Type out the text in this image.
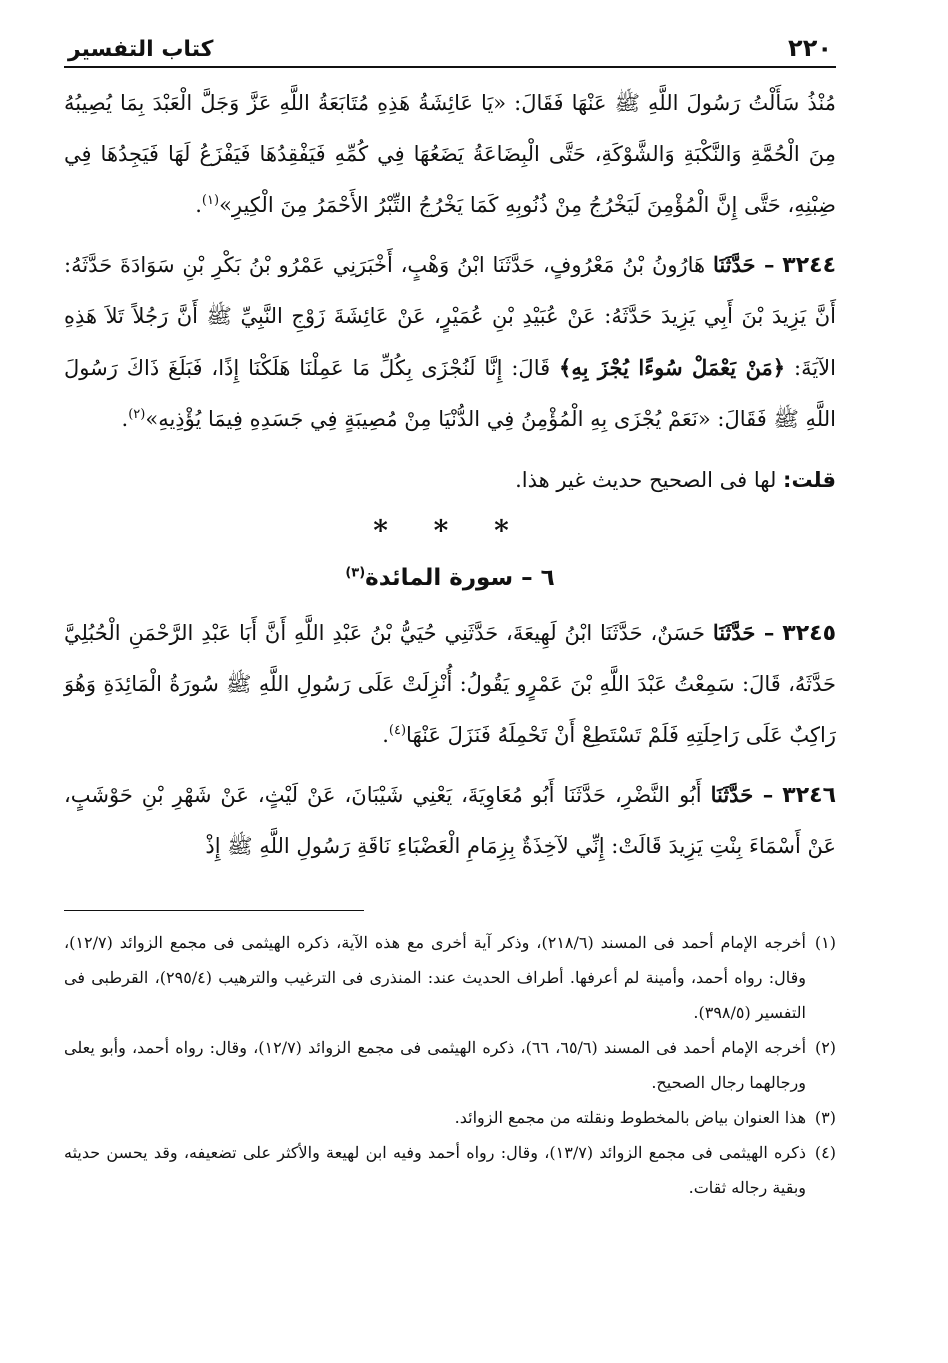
٢٢٠
كتاب التفسير

مُنْذُ سَأَلْتُ رَسُولَ اللَّهِ ﷺ عَنْهَا فَقَالَ: «يَا عَائِشَةُ هَذِهِ مُتَابَعَةُ اللَّهِ عَزَّ وَجَلَّ الْعَبْدَ بِمَا يُصِيبُهُ مِنَ الْحُمَّةِ وَالنَّكْبَةِ وَالشَّوْكَةِ، حَتَّى الْبِضَاعَةُ يَضَعُهَا فِي كُمِّهِ فَيَفْقِدُهَا فَيَفْزَعُ لَهَا فَيَجِدُهَا فِي ضِبْنِهِ، حَتَّى إِنَّ الْمُؤْمِنَ لَيَخْرُجُ مِنْ ذُنُوبِهِ كَمَا يَخْرُجُ التِّبْرُ الأَحْمَرُ مِنَ الْكِيرِ»$^{(١)}$.

٣٢٤٤ – حَدَّثَنَا هَارُونُ بْنُ مَعْرُوفٍ، حَدَّثَنَا ابْنُ وَهْبٍ، أَخْبَرَنِي عَمْرُو بْنُ بَكْرِ بْنِ سَوَادَةَ حَدَّثَهُ: أَنَّ يَزِيدَ بْنَ أَبِي يَزِيدَ حَدَّثَهُ: عَنْ عُبَيْدِ بْنِ عُمَيْرٍ، عَنْ عَائِشَةَ زَوْجِ النَّبِيِّ ﷺ أَنَّ رَجُلاً تَلاَ هَذِهِ الآيَةَ: ﴿مَنْ يَعْمَلْ سُوءًا يُجْزَ بِهِ﴾ قَالَ: إِنَّا لَنُجْزَى بِكُلِّ مَا عَمِلْنَا هَلَكْنَا إِذًا، فَبَلَغَ ذَاكَ رَسُولَ اللَّهِ ﷺ فَقَالَ: «نَعَمْ يُجْزَى بِهِ الْمُؤْمِنُ فِي الدُّنْيَا مِنْ مُصِيبَةٍ فِي جَسَدِهِ فِيمَا يُؤْذِيهِ»$^{(٢)}$.

قلت: لها فى الصحيح حديث غير هذا.
* * *
٦ – سورة المائدة$^{(٣)}$

٣٢٤٥ – حَدَّثَنَا حَسَنٌ، حَدَّثَنَا ابْنُ لَهِيعَةَ، حَدَّثَنِي حُيَيُّ بْنُ عَبْدِ اللَّهِ أَنَّ أَبَا عَبْدِ الرَّحْمَنِ الْحُبُلِيَّ حَدَّثَهُ، قَالَ: سَمِعْتُ عَبْدَ اللَّهِ بْنَ عَمْرٍو يَقُولُ: أُنْزِلَتْ عَلَى رَسُولِ اللَّهِ ﷺ سُورَةُ الْمَائِدَةِ وَهُوَ رَاكِبٌ عَلَى رَاحِلَتِهِ فَلَمْ تَسْتَطِعْ أَنْ تَحْمِلَهُ فَنَزَلَ عَنْهَا$^{(٤)}$.

٣٢٤٦ – حَدَّثَنَا أَبُو النَّضْرِ، حَدَّثَنَا أَبُو مُعَاوِيَةَ، يَعْنِي شَيْبَانَ، عَنْ لَيْثٍ، عَنْ شَهْرِ بْنِ حَوْشَبٍ، عَنْ أَسْمَاءَ بِنْتِ يَزِيدَ قَالَتْ: إِنِّي لآخِذَةٌ بِزِمَامِ الْعَضْبَاءِ نَاقَةِ رَسُولِ اللَّهِ ﷺ إِذْ

(١)أخرجه الإمام أحمد فى المسند (٢١٨/٦)، وذكر آية أخرى مع هذه الآية، ذكره الهيثمى فى مجمع الزوائد (١٢/٧)، وقال: رواه أحمد، وأمينة لم أعرفها. أطراف الحديث عند: المنذرى فى الترغيب والترهيب (٢٩٥/٤)، القرطبى فى التفسير (٣٩٨/٥).
(٢)أخرجه الإمام أحمد فى المسند (٦٥/٦، ٦٦)، ذكره الهيثمى فى مجمع الزوائد (١٢/٧)، وقال: رواه أحمد، وأبو يعلى ورجالهما رجال الصحيح.
(٣)هذا العنوان بياض بالمخطوط ونقلته من مجمع الزوائد.
(٤)ذكره الهيثمى فى مجمع الزوائد (١٣/٧)، وقال: رواه أحمد وفيه ابن لهيعة والأكثر على تضعيفه، وقد يحسن حديثه وبقية رجاله ثقات.
